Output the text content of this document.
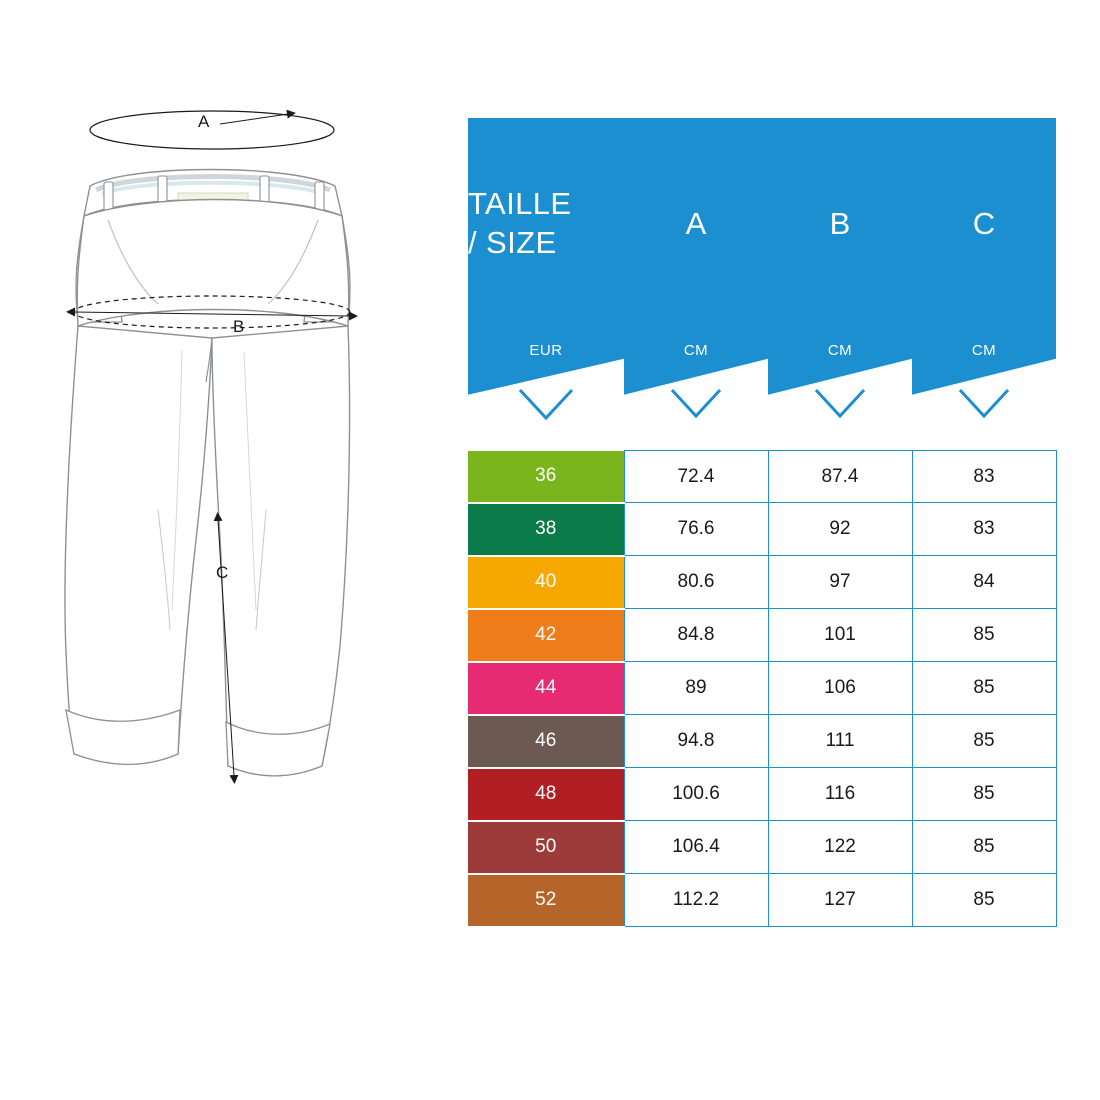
A
B
C
TAILLE
/ SIZE	A	B	C

EUR	CM	CM	CM

36	72.4	87.4	83
38	76.6	92	83
40	80.6	97	84
42	84.8	101	85
44	89	106	85
46	94.8	111	85
48	100.6	116	85
50	106.4	122	85
52	112.2	127	85
